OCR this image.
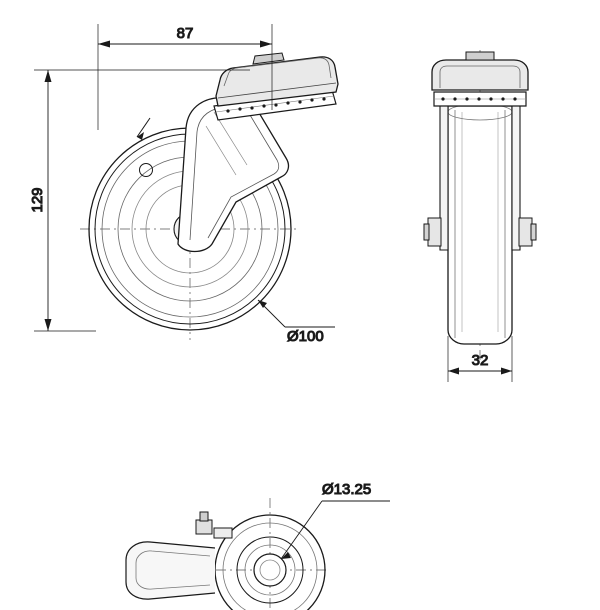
87
129
Ø100
32
Ø13.25
